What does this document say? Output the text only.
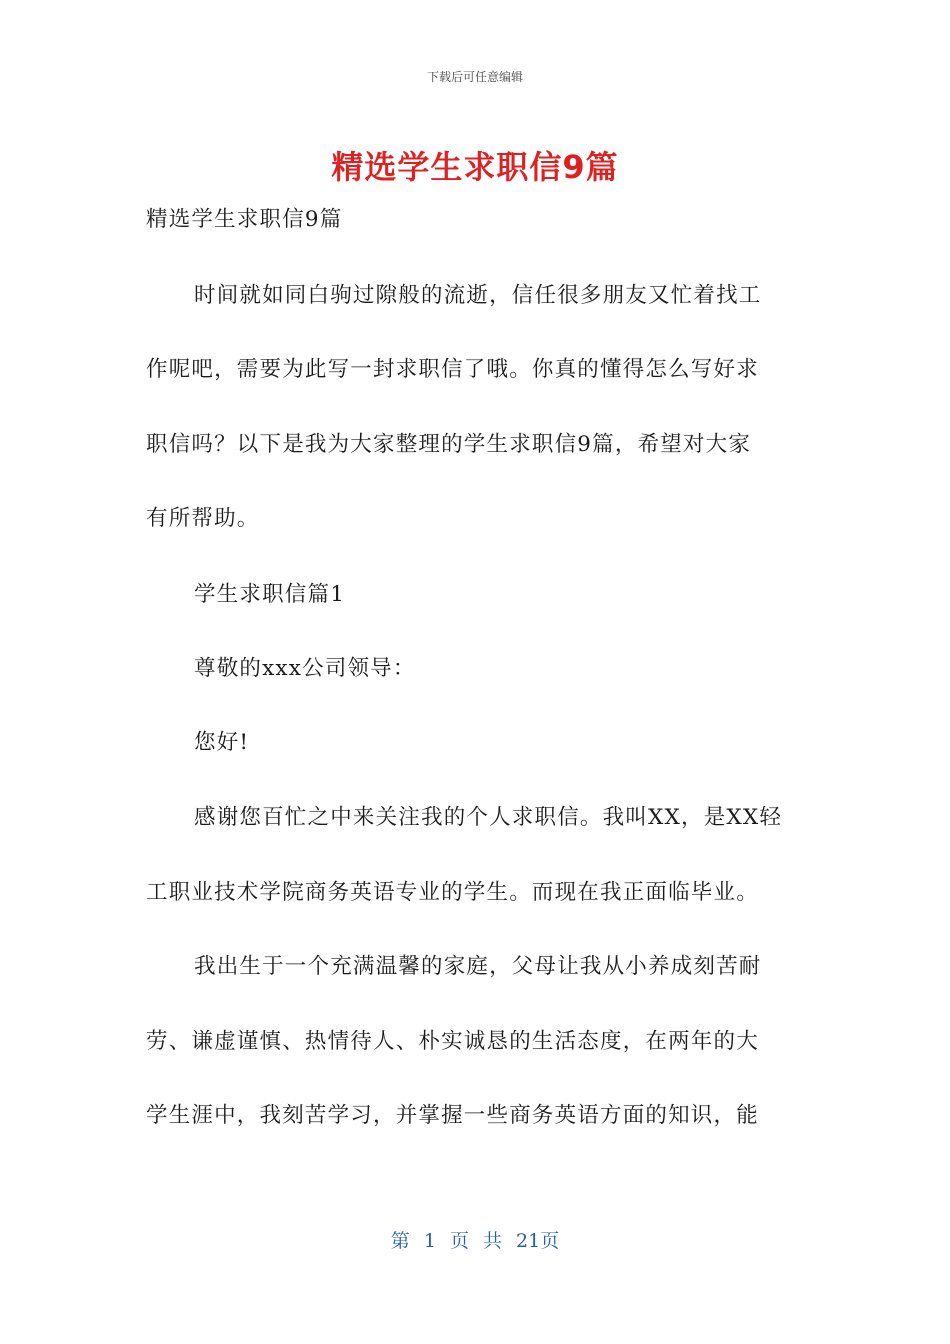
下载后可任意编辑
精选学生求职信9篇
精选学生求职信9篇
时间就如同白驹过隙般的流逝，信任很多朋友又忙着找工
作呢吧，需要为此写一封求职信了哦。你真的懂得怎么写好求
职信吗？以下是我为大家整理的学生求职信9篇，希望对大家
有所帮助。
学生求职信篇1
尊敬的xxx公司领导：
您好!
感谢您百忙之中来关注我的个人求职信。我叫XX，是XX轻
工职业技术学院商务英语专业的学生。而现在我正面临毕业。
我出生于一个充满温馨的家庭，父母让我从小养成刻苦耐
劳、谦虚谨慎、热情待人、朴实诚恳的生活态度，在两年的大
学生涯中，我刻苦学习，并掌握一些商务英语方面的知识，能
第 1 页 共 21页
